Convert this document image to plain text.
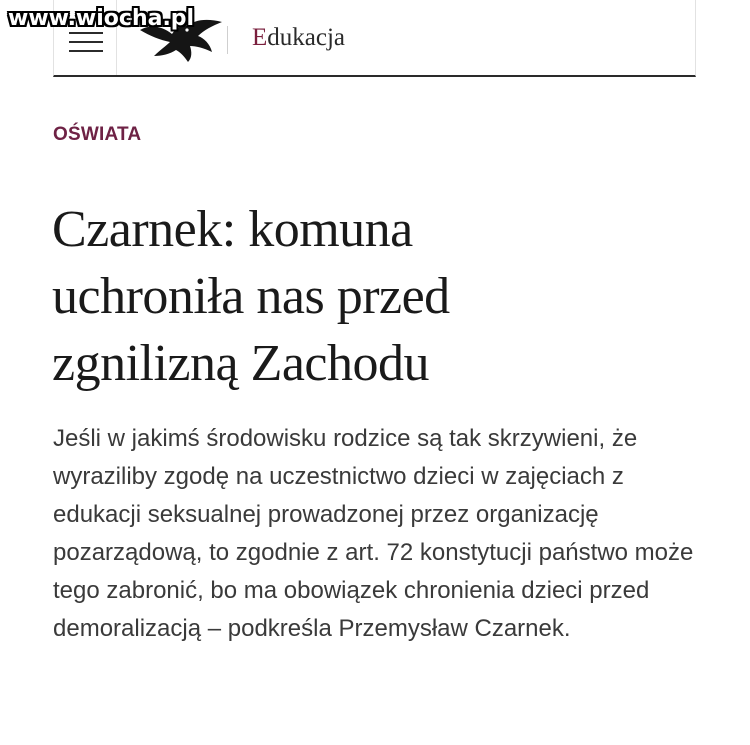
www.wiocha.pl
Edukacja
OŚWIATA
Czarnek: komuna
uchroniła nas przed
zgnilizną Zachodu

Jeśli w jakimś środowisku rodzice są tak skrzywieni, że wyraziliby zgodę na uczestnictwo dzieci w zajęciach z edukacji seksualnej prowadzonej przez organizację pozarządową, to zgodnie z art. 72 konstytucji państwo może tego zabronić, bo ma obowiązek chronienia dzieci przed demoralizacją – podkreśla Przemysław Czarnek.
